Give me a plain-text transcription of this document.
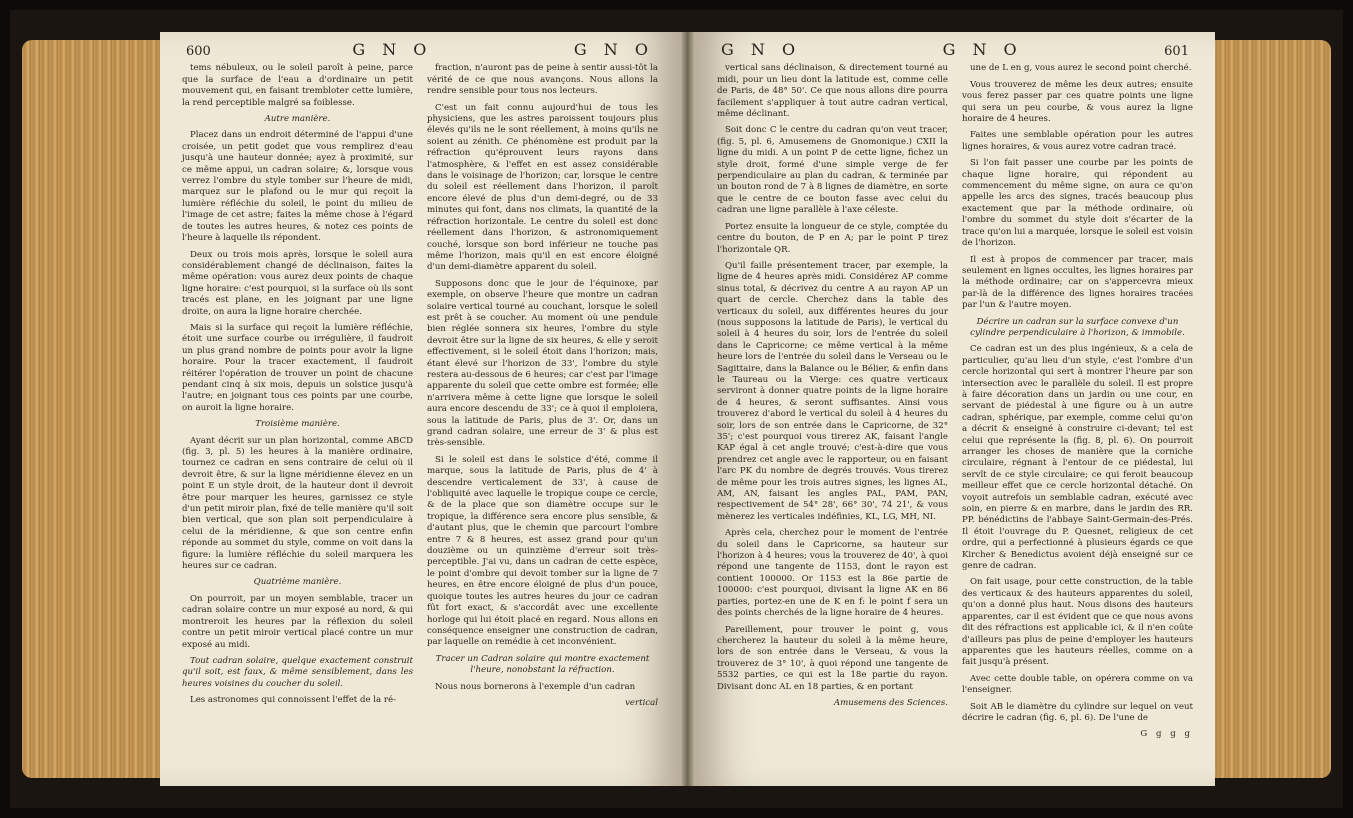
600	G N O	G N O

tems nébuleux, ou le soleil paroît à peine, parce que la surface de l'eau a d'ordinaire un petit mouvement qui, en faisant trembloter cette lumière, la rend perceptible malgré sa foiblesse.

Autre manière.

Placez dans un endroit déterminé de l'appui d'une croisée, un petit godet que vous remplirez d'eau jusqu'à une hauteur donnée; ayez à proximité, sur ce même appui, un cadran solaire; &, lorsque vous verrez l'ombre du style tomber sur l'heure de midi, marquez sur le plafond ou le mur qui reçoit la lumière réfléchie du soleil, le point du milieu de l'image de cet astre; faites la même chose à l'égard de toutes les autres heures, & notez ces points de l'heure à laquelle ils répondent.

Deux ou trois mois après, lorsque le soleil aura considérablement changé de déclinaison, faites la même opération: vous aurez deux points de chaque ligne horaire: c'est pourquoi, si la surface où ils sont tracés est plane, en les joignant par une ligne droite, on aura la ligne horaire cherchée.

Mais si la surface qui reçoit la lumière réfléchie, étoit une surface courbe ou irrégulière, il faudroit un plus grand nombre de points pour avoir la ligne horaire. Pour la tracer exactement, il faudroit réitérer l'opération de trouver un point de chacune pendant cinq à six mois, depuis un solstice jusqu'à l'autre; en joignant tous ces points par une courbe, on auroit la ligne horaire.

Troisième manière.

Ayant décrit sur un plan horizontal, comme ABCD (fig. 3, pl. 5) les heures à la manière ordinaire, tournez ce cadran en sens contraire de celui où il devroit être, & sur la ligne méridienne élevez en un point E un style droit, de la hauteur dont il devroit être pour marquer les heures, garnissez ce style d'un petit miroir plan, fixé de telle manière qu'il soit bien vertical, que son plan soit perpendiculaire à celui de la méridienne, & que son centre enfin réponde au sommet du style, comme on voit dans la figure: la lumière réfléchie du soleil marquera les heures sur ce cadran.

Quatrième manière.

On pourroit, par un moyen semblable, tracer un cadran solaire contre un mur exposé au nord, & qui montreroit les heures par la réflexion du soleil contre un petit miroir vertical placé contre un mur exposé au midi.

Tout cadran solaire, quelque exactement construit qu'il soit, est faux, & même sensiblement, dans les heures voisines du coucher du soleil.

Les astronomes qui connoissent l'effet de la ré-

fraction, n'auront pas de peine à sentir aussi-tôt la vérité de ce que nous avançons. Nous allons la rendre sensible pour tous nos lecteurs.

C'est un fait connu aujourd'hui de tous les physiciens, que les astres paroissent toujours plus élevés qu'ils ne le sont réellement, à moins qu'ils ne soient au zénith. Ce phénomène est produit par la réfraction qu'éprouvent leurs rayons dans l'atmosphère, & l'effet en est assez considérable dans le voisinage de l'horizon; car, lorsque le centre du soleil est réellement dans l'horizon, il paroît encore élevé de plus d'un demi-degré, ou de 33 minutes qui font, dans nos climats, la quantité de la réfraction horizontale. Le centre du soleil est donc réellement dans l'horizon, & astronomiquement couché, lorsque son bord inférieur ne touche pas même l'horizon, mais qu'il en est encore éloigné d'un demi-diamètre apparent du soleil.

Supposons donc que le jour de l'équinoxe, par exemple, on observe l'heure que montre un cadran solaire vertical tourné au couchant, lorsque le soleil est prêt à se coucher. Au moment où une pendule bien réglée sonnera six heures, l'ombre du style devroit être sur la ligne de six heures, & elle y seroit effectivement, si le soleil étoit dans l'horizon; mais, étant élevé sur l'horizon de 33', l'ombre du style restera au-dessous de 6 heures; car c'est par l'image apparente du soleil que cette ombre est formée; elle n'arrivera même à cette ligne que lorsque le soleil aura encore descendu de 33'; ce à quoi il emploiera, sous la latitude de Paris, plus de 3'. Or, dans un grand cadran solaire, une erreur de 3' & plus est très-sensible.

Si le soleil est dans le solstice d'été, comme il marque, sous la latitude de Paris, plus de 4' à descendre verticalement de 33', à cause de l'obliquité avec laquelle le tropique coupe ce cercle, & de la place que son diamètre occupe sur le tropique, la différence sera encore plus sensible, & d'autant plus, que le chemin que parcourt l'ombre entre 7 & 8 heures, est assez grand pour qu'un douzième ou un quinzième d'erreur soit très-perceptible. J'ai vu, dans un cadran de cette espèce, le point d'ombre qui devoit tomber sur la ligne de 7 heures, en être encore éloigné de plus d'un pouce, quoique toutes les autres heures du jour ce cadran fût fort exact, & s'accordât avec une excellente horloge qui lui étoit placé en regard. Nous allons en conséquence enseigner une construction de cadran, par laquelle on remédie à cet inconvénient.

Tracer un Cadran solaire qui montre exactement l'heure, nonobstant la réfraction.

Nous nous bornerons à l'exemple d'un cadran

vertical
G N O	G N O	601

vertical sans déclinaison, & directement tourné au midi, pour un lieu dont la latitude est, comme celle de Paris, de 48° 50'. Ce que nous allons dire pourra facilement s'appliquer à tout autre cadran vertical, même déclinant.

Soit donc C le centre du cadran qu'on veut tracer, (fig. 5, pl. 6, Amusemens de Gnomonique.) CXII la ligne du midi. A un point P de cette ligne, fichez un style droit, formé d'une simple verge de fer perpendiculaire au plan du cadran, & terminée par un bouton rond de 7 à 8 lignes de diamètre, en sorte que le centre de ce bouton fasse avec celui du cadran une ligne parallèle à l'axe céleste.

Portez ensuite la longueur de ce style, comptée du centre du bouton, de P en A; par le point P tirez l'horizontale QR.

Qu'il faille présentement tracer, par exemple, la ligne de 4 heures après midi. Considérez AP comme sinus total, & décrivez du centre A au rayon AP un quart de cercle. Cherchez dans la table des verticaux du soleil, aux différentes heures du jour (nous supposons la latitude de Paris), le vertical du soleil à 4 heures du soir, lors de l'entrée du soleil dans le Capricorne; ce même vertical à la même heure lors de l'entrée du soleil dans le Verseau ou le Sagittaire, dans la Balance ou le Bélier, & enfin dans le Taureau ou la Vierge: ces quatre verticaux serviront à donner quatre points de la ligne horaire de 4 heures, & seront suffisantes. Ainsi vous trouverez d'abord le vertical du soleil à 4 heures du soir, lors de son entrée dans le Capricorne, de 32° 35'; c'est pourquoi vous tirerez AK, faisant l'angle KAP égal à cet angle trouvé; c'est-à-dire que vous prendrez cet angle avec le rapporteur, ou en faisant l'arc PK du nombre de degrés trouvés. Vous tirerez de même pour les trois autres signes, les lignes AL, AM, AN, faisant les angles PAL, PAM, PAN, respectivement de 54° 28', 66° 30', 74 21', & vous mènerez les verticales indéfinies, KL, LG, MH, NI.

Après cela, cherchez pour le moment de l'entrée du soleil dans le Capricorne, sa hauteur sur l'horizon à 4 heures; vous la trouverez de 40', à quoi répond une tangente de 1153, dont le rayon est contient 100000. Or 1153 est la 86e partie de 100000: c'est pourquoi, divisant la ligne AK en 86 parties, portez-en une de K en f: le point f sera un des points cherchés de la ligne horaire de 4 heures.

Pareillement, pour trouver le point g, vous chercherez la hauteur du soleil à la même heure, lors de son entrée dans le Verseau, & vous la trouverez de 3° 10', à quoi répond une tangente de 5532 parties, ce qui est la 18e partie du rayon. Divisant donc AL en 18 parties, & en portant

Amusemens des Sciences.

une de L en g, vous aurez le second point cherché.

Vous trouverez de même les deux autres; ensuite vous ferez passer par ces quatre points une ligne qui sera un peu courbe, & vous aurez la ligne horaire de 4 heures.

Faites une semblable opération pour les autres lignes horaires, & vous aurez votre cadran tracé.

Si l'on fait passer une courbe par les points de chaque ligne horaire, qui répondent au commencement du même signe, on aura ce qu'on appelle les arcs des signes, tracés beaucoup plus exactement que par la méthode ordinaire, où l'ombre du sommet du style doit s'écarter de la trace qu'on lui a marquée, lorsque le soleil est voisin de l'horizon.

Il est à propos de commencer par tracer, mais seulement en lignes occultes, les lignes horaires par la méthode ordinaire; car on s'appercevra mieux par-là de la différence des lignes horaires tracées par l'un & l'autre moyen.

Décrire un cadran sur la surface convexe d'un cylindre perpendiculaire à l'horizon, & immobile.

Ce cadran est un des plus ingénieux, & a cela de particulier, qu'au lieu d'un style, c'est l'ombre d'un cercle horizontal qui sert à montrer l'heure par son intersection avec le parallèle du soleil. Il est propre à faire décoration dans un jardin ou une cour, en servant de piédestal à une figure ou à un autre cadran, sphérique, par exemple, comme celui qu'on a décrit & enseigné à construire ci-devant; tel est celui que représente la (fig. 8, pl. 6). On pourroit arranger les choses de manière que la corniche circulaire, régnant à l'entour de ce piédestal, lui servît de ce style circulaire; ce qui feroit beaucoup meilleur effet que ce cercle horizontal détaché. On voyoit autrefois un semblable cadran, exécuté avec soin, en pierre & en marbre, dans le jardin des RR. PP. bénédictins de l'abbaye Saint-Germain-des-Prés. Il étoit l'ouvrage du P. Quesnet, religieux de cet ordre, qui a perfectionné à plusieurs égards ce que Kircher & Benedictus avoient déjà enseigné sur ce genre de cadran.

On fait usage, pour cette construction, de la table des verticaux & des hauteurs apparentes du soleil, qu'on a donné plus haut. Nous disons des hauteurs apparentes, car il est évident que ce que nous avons dit des réfractions est applicable ici, & il n'en coûte d'ailleurs pas plus de peine d'employer les hauteurs apparentes que les hauteurs réelles, comme on a fait jusqu'à présent.

Avec cette double table, on opérera comme on va l'enseigner.

Soit AB le diamètre du cylindre sur lequel on veut décrire le cadran (fig. 6, pl. 6). De l'une de

G g g g
